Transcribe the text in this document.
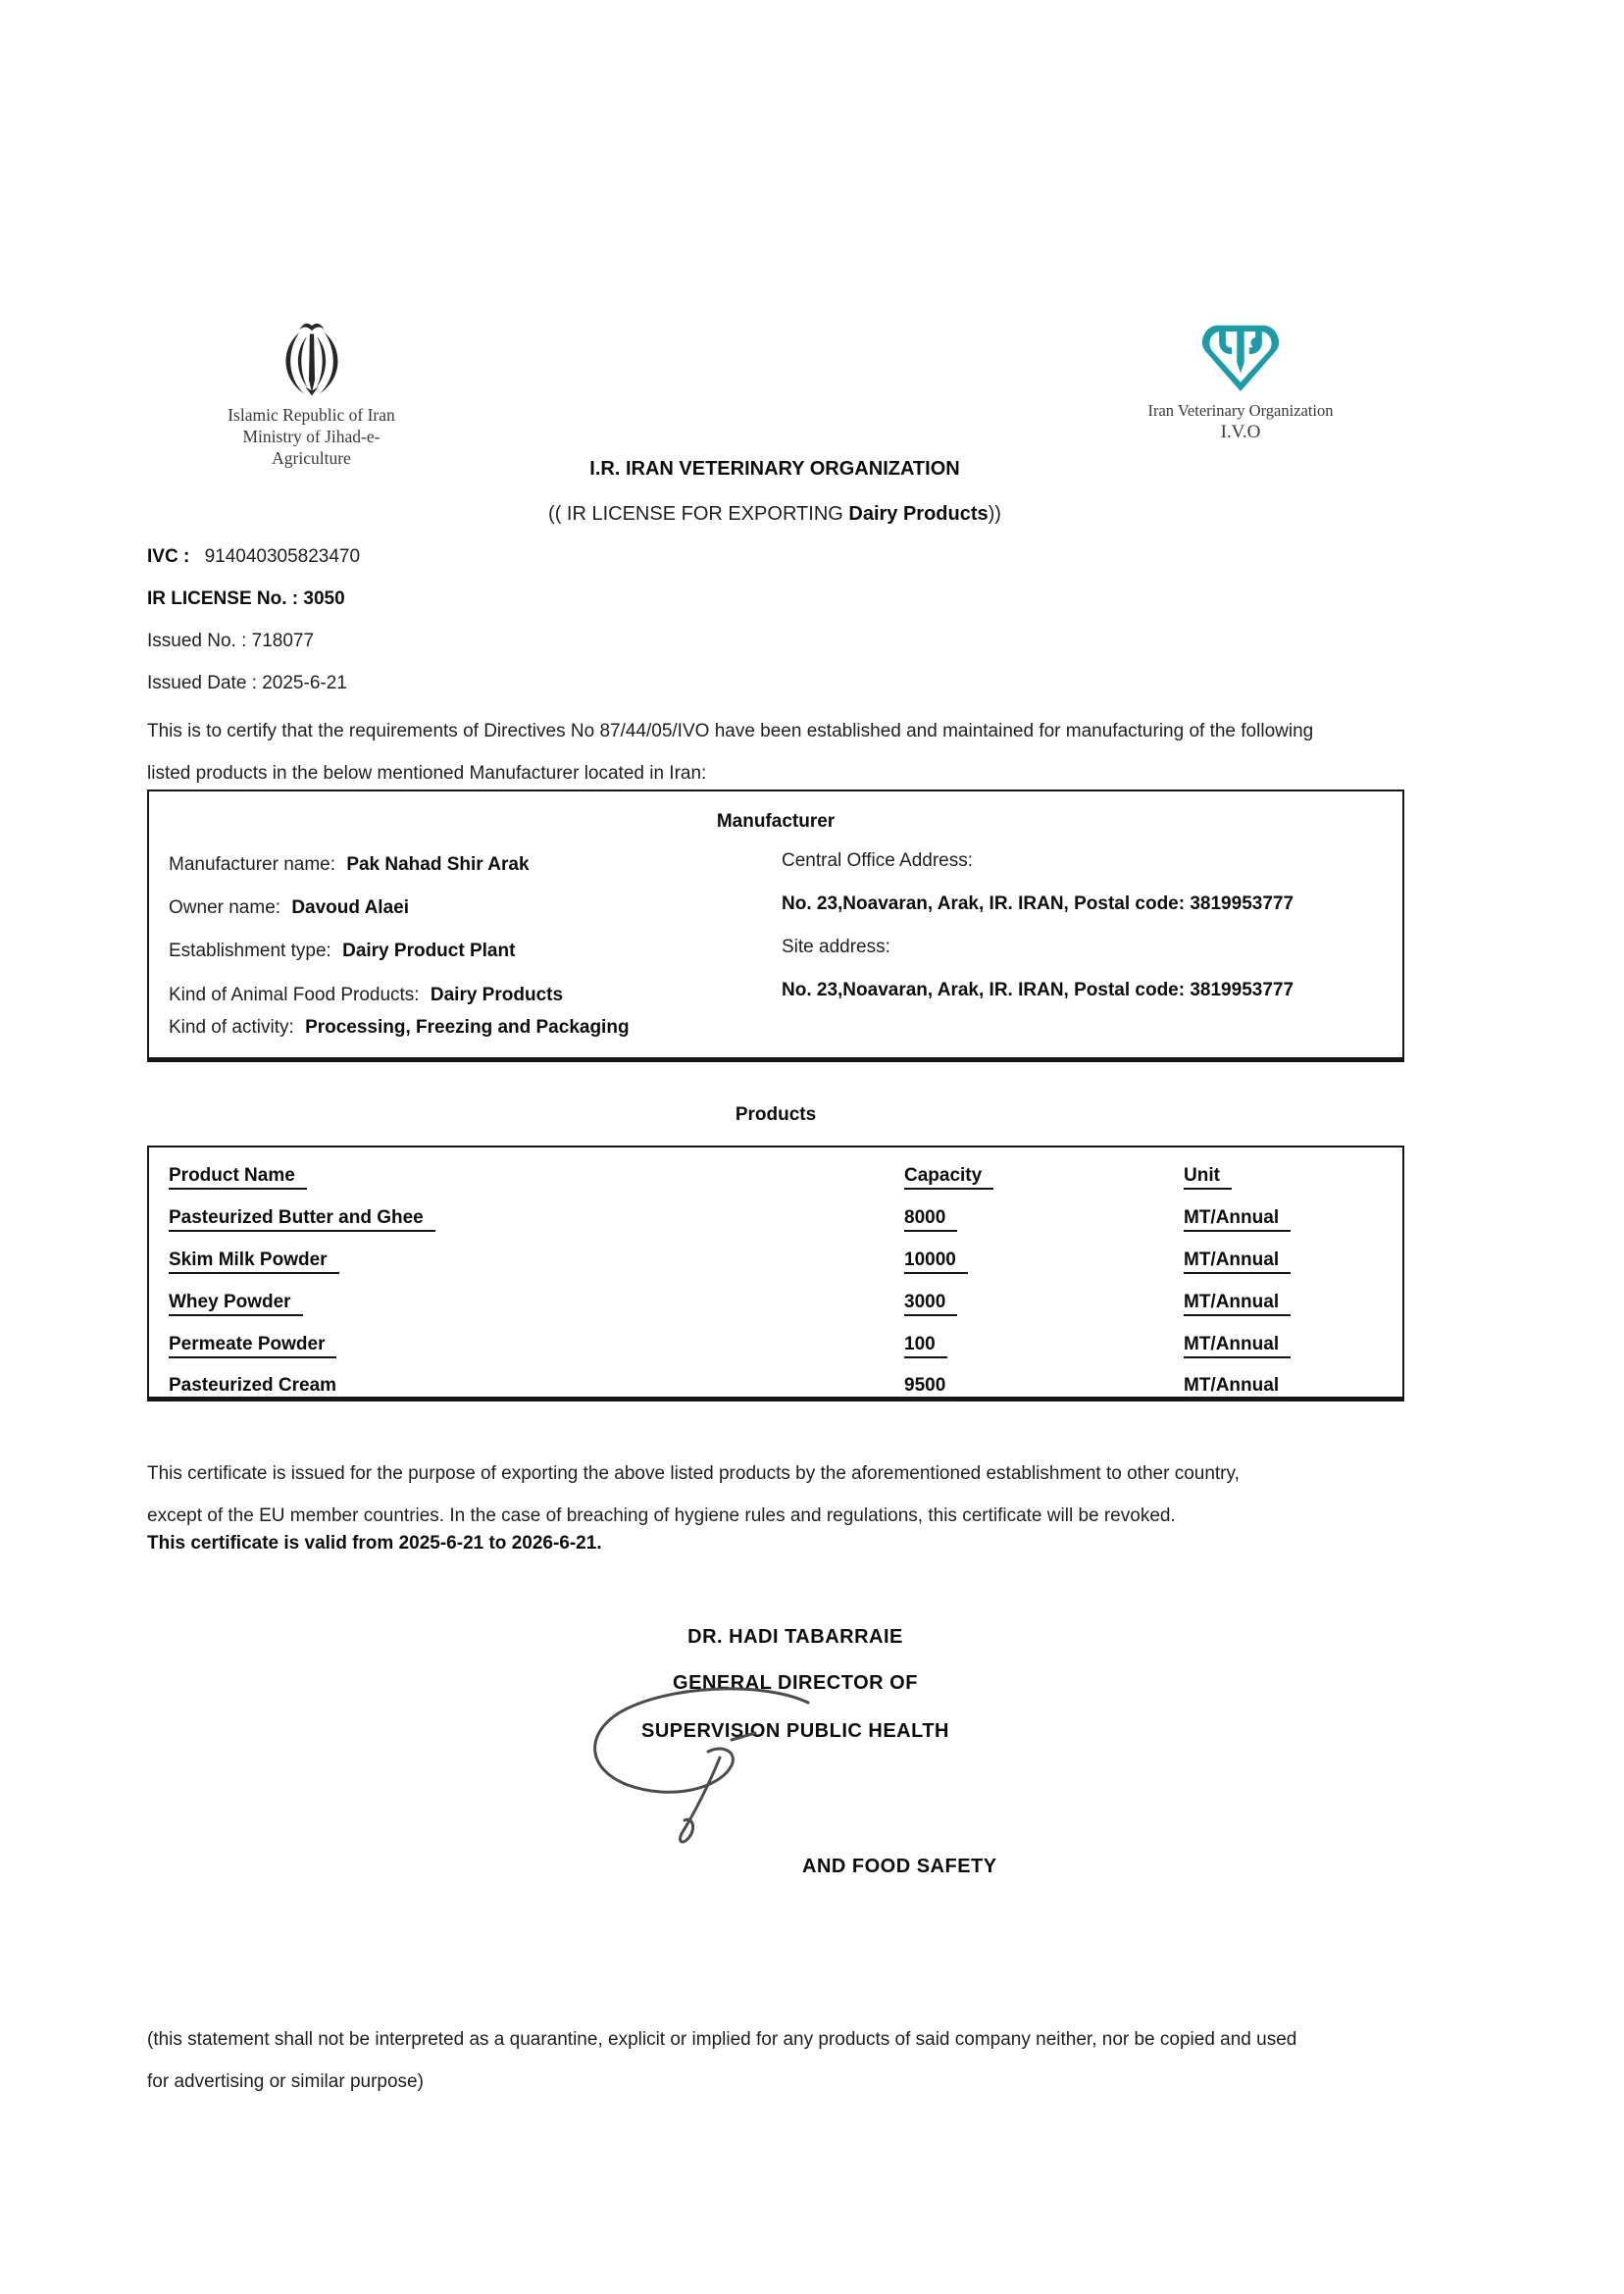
Islamic Republic of Iran
Ministry of Jihad-e-Agriculture
Iran Veterinary Organization
I.V.O
I.R. IRAN VETERINARY ORGANIZATION
(( IR LICENSE FOR EXPORTING Dairy Products))
IVC : 914040305823470
IR LICENSE No. : 3050
Issued No. : 718077
Issued Date : 2025-6-21
This is to certify that the requirements of Directives No 87/44/05/IVO have been established and maintained for manufacturing of the following
listed products in the below mentioned Manufacturer located in Iran:
Manufacturer
Manufacturer name: Pak Nahad Shir Arak
Owner name: Davoud Alaei
Establishment type: Dairy Product Plant
Kind of Animal Food Products: Dairy Products
Kind of activity: Processing, Freezing and Packaging
Central Office Address:
No. 23,Noavaran, Arak, IR. IRAN, Postal code: 3819953777
Site address:
No. 23,Noavaran, Arak, IR. IRAN, Postal code: 3819953777
Products
Product Name	Capacity	Unit
Pasteurized Butter and Ghee	8000	MT/Annual
Skim Milk Powder	10000	MT/Annual
Whey Powder	3000	MT/Annual
Permeate Powder	100	MT/Annual
Pasteurized Cream	9500	MT/Annual
This certificate is issued for the purpose of exporting the above listed products by the aforementioned establishment to other country,
except of the EU member countries. In the case of breaching of hygiene rules and regulations, this certificate will be revoked.
This certificate is valid from 2025-6-21 to 2026-6-21.
DR. HADI TABARRAIE
GENERAL DIRECTOR OF
SUPERVISION PUBLIC HEALTH
AND FOOD SAFETY
(this statement shall not be interpreted as a quarantine, explicit or implied for any products of said company neither, nor be copied and used
for advertising or similar purpose)
